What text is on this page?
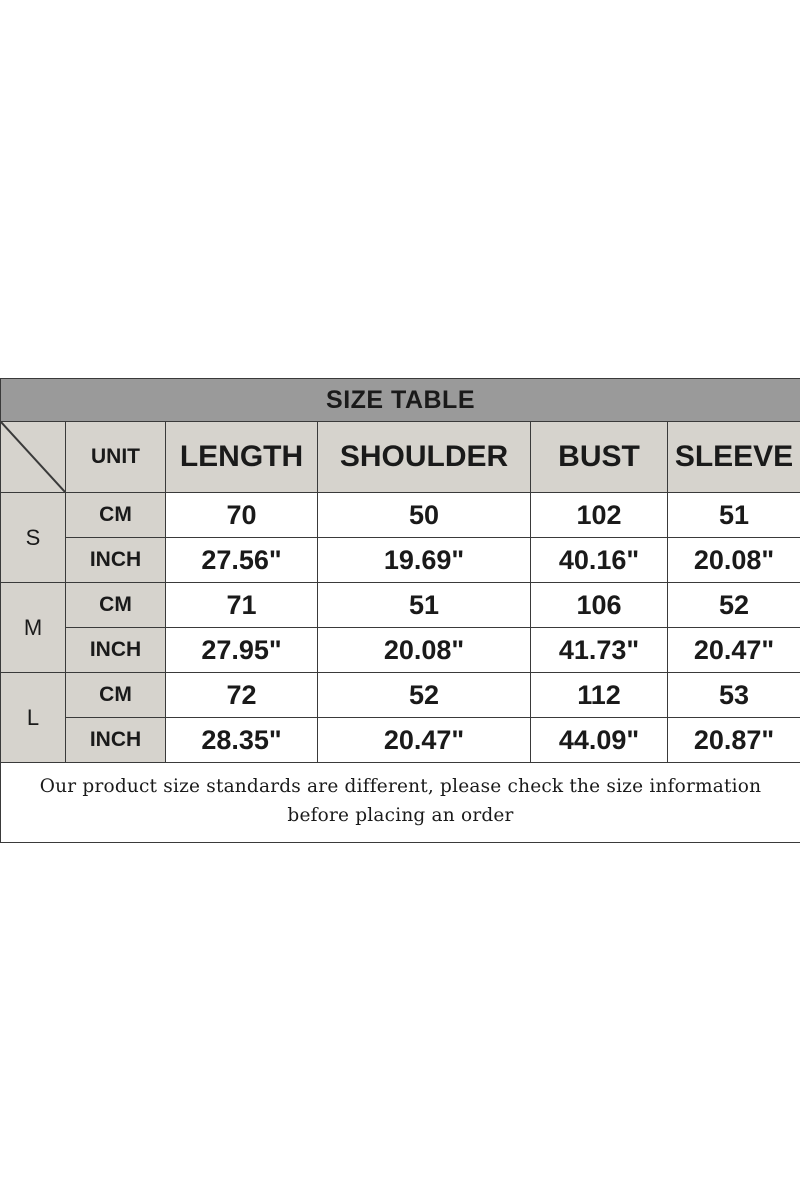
SIZE TABLE					

	UNIT	LENGTH	SHOULDER	BUST	SLEEVE
S	CM	70	50	102	51
	INCH	27.56"	19.69"	40.16"	20.08"
M	CM	71	51	106	52
	INCH	27.95"	20.08"	41.73"	20.47"
L	CM	72	52	112	53
	INCH	28.35"	20.47"	44.09"	20.87"
Our product size standards are different, please check the size information before placing an order					
